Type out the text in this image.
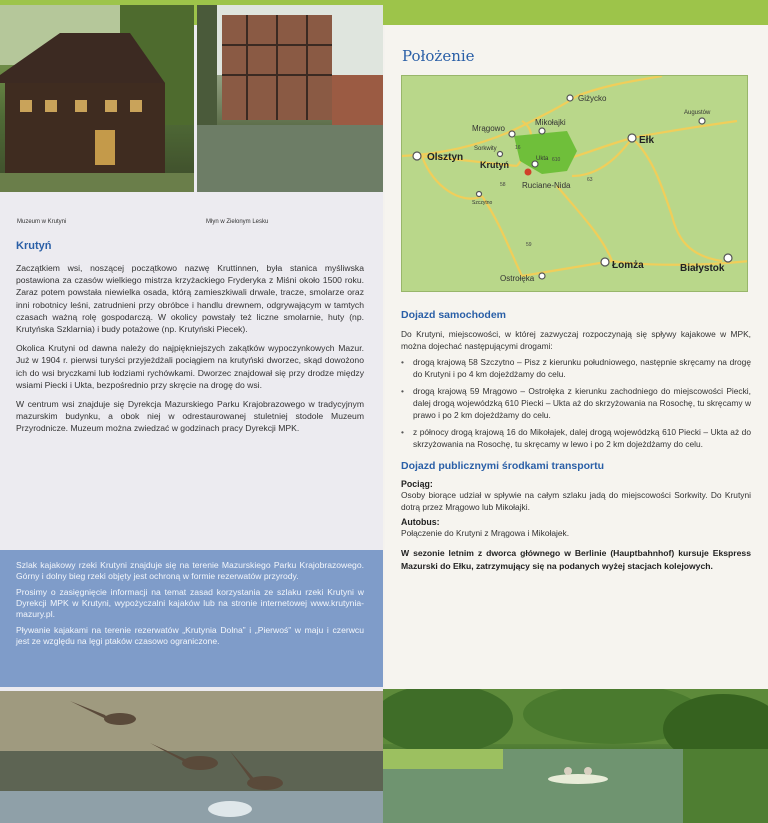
Muzeum w Krutyni	Młyn w Zielonym Lesku
Krutyń

Zaczątkiem wsi, noszącej początkowo nazwę Kruttinnen, była stanica myśliwska postawiona za czasów wielkiego mistrza krzyżackiego Fryderyka z Miśni około 1500 roku. Zaraz potem powstała niewielka osada, którą zamieszkiwali drwale, tracze, smolarze oraz inni robotnicy leśni, zatrudnieni przy obróbce i handlu drewnem, odgrywającym w tamtych czasach ważną rolę gospodarczą. W okolicy powstały też liczne smolarnie, huty (np. Krutyńska Szklarnia) i budy potażowe (np. Krutyński Piecek).

Okolica Krutyni od dawna należy do najpiękniejszych zakątków wypoczynkowych Mazur. Już w 1904 r. pierwsi turyści przyjeżdżali pociągiem na krutyński dworzec, skąd dowożono ich do wsi bryczkami lub łodziami rychówkami. Dworzec znajdował się przy drodze między wsiami Piecki i Ukta, bezpośrednio przy skręcie na drogę do wsi.

W centrum wsi znajduje się Dyrekcja Mazurskiego Parku Krajobrazowego w tradycyjnym mazurskim budynku, a obok niej w odrestaurowanej stuletniej stodole Muzeum Przyrodnicze. Muzeum można zwiedzać w godzinach pracy Dyrekcji MPK.

Szlak kajakowy rzeki Krutyni znajduje się na terenie Mazurskiego Parku Krajobrazowego. Górny i dolny bieg rzeki objęty jest ochroną w formie rezerwatów przyrody.

Prosimy o zasięgnięcie informacji na temat zasad korzystania ze szlaku rzeki Krutyni w Dyrekcji MPK w Krutyni, wypożyczalni kajaków lub na stronie internetowej www.krutynia-mazury.pl.

Pływanie kajakami na terenie rezerwatów „Krutynia Dolna” i „Pierwoś” w maju i czerwcu jest ze względu na lęgi ptaków czasowo ograniczone.

Położenie
Giżycko
Mrągowo
Mikołajki
Augustów
Sorkwity
Ukta
Ruciane-Nida
Szczytno
Ostrołęka
Olsztyn
Ełk
Krutyń
Łomża	Białystok
16
58
59
63
610
Dojazd samochodem

Do Krutyni, miejscowości, w której zazwyczaj rozpoczynają się spływy kajakowe w MPK, można dojechać następującymi drogami:

• drogą krajową 58 Szczytno – Pisz z kierunku południowego, następnie skręcamy na drogę do Krutyni i po 4 km dojeżdżamy do celu.
• drogą krajową 59 Mrągowo – Ostrołęka z kierunku zachodniego do miejscowości Piecki, dalej drogą wojewódzką 610 Piecki – Ukta aż do skrzyżowania na Rosochę, tu skręcamy w prawo i po 2 km dojeżdżamy do celu.
• z północy drogą krajową 16 do Mikołajek, dalej drogą wojewódzką 610 Piecki – Ukta aż do skrzyżowania na Rosochę, tu skręcamy w lewo i po 2 km dojeżdżamy do celu.
Dojazd publicznymi środkami transportu
Pociąg:

Osoby biorące udział w spływie na całym szlaku jadą do miejscowości Sorkwity. Do Krutyni dotrą przez Mrągowo lub Mikołajki.

Autobus:

Połączenie do Krutyni z Mrągowa i Mikołajek.

W sezonie letnim z dworca głównego w Berlinie (Hauptbahnhof) kursuje Ekspress Mazurski do Ełku, zatrzymujący się na podanych wyżej stacjach kolejowych.
